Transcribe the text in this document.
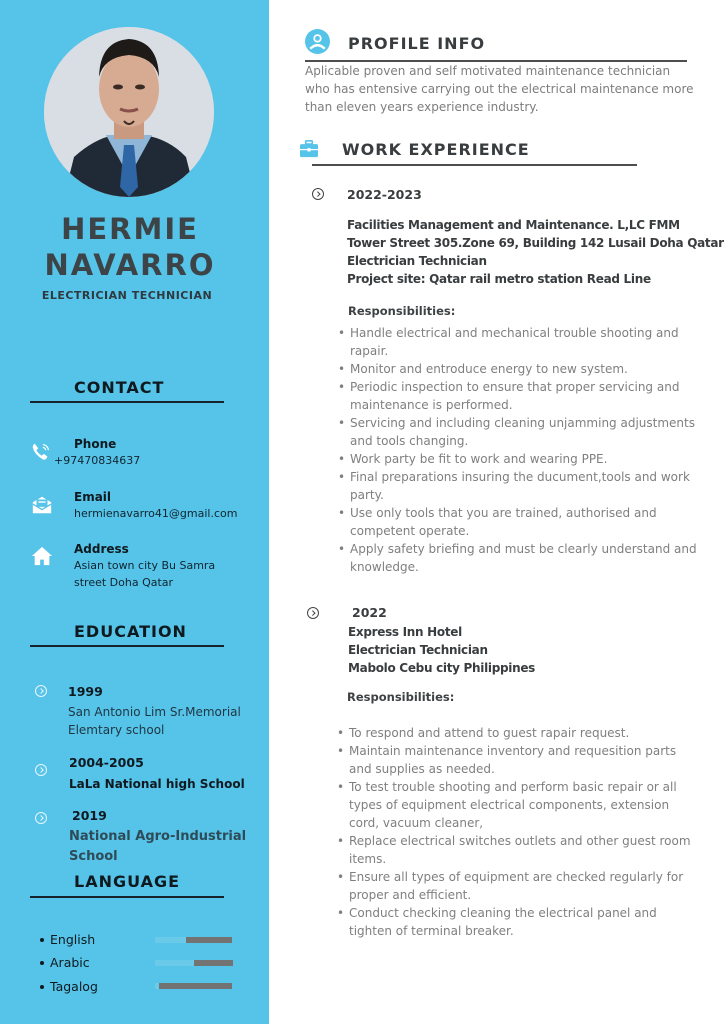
HERMIE
NAVARRO
ELECTRICIAN TECHNICIAN
CONTACT
Phone
+97470834637
Email
hermienavarro41@gmail.com
Address
Asian town city Bu Samra street Doha Qatar
EDUCATION
1999
San Antonio Lim Sr.Memorial Elemtary school
2004-2005
LaLa National high School
2019
National Agro-Industrial School
LANGUAGE
English
Arabic
Tagalog
PROFILE INFO
Aplicable proven and self motivated maintenance technician who has entensive carrying out the electrical maintenance more than eleven years experience industry.
WORK EXPERIENCE
2022-2023
Facilities Management and Maintenance. L,LC FMM
Tower Street 305.Zone 69, Building 142 Lusail Doha Qatar
Electrician Technician
Project site: Qatar rail metro station Read Line
Responsibilities:
• Handle electrical and mechanical trouble shooting and rapair.
• Monitor and entroduce energy to new system.
• Periodic inspection to ensure that proper servicing and maintenance is performed.
• Servicing and including cleaning unjamming adjustments and tools changing.
• Work party be fit to work and wearing PPE.
• Final preparations insuring the ducument,tools and work party.
• Use only tools that you are trained, authorised and competent operate.
• Apply safety briefing and must be clearly understand and knowledge.
2022
Express Inn Hotel
Electrician Technician
Mabolo Cebu city Philippines
Responsibilities:
• To respond and attend to guest rapair request.
• Maintain maintenance inventory and requesition parts and supplies as needed.
• To test trouble shooting and perform basic repair or all types of equipment electrical components, extension cord, vacuum cleaner,
• Replace electrical switches outlets and other guest room items.
• Ensure all types of equipment are checked regularly for proper and efficient.
• Conduct checking cleaning the electrical panel and tighten of terminal breaker.
